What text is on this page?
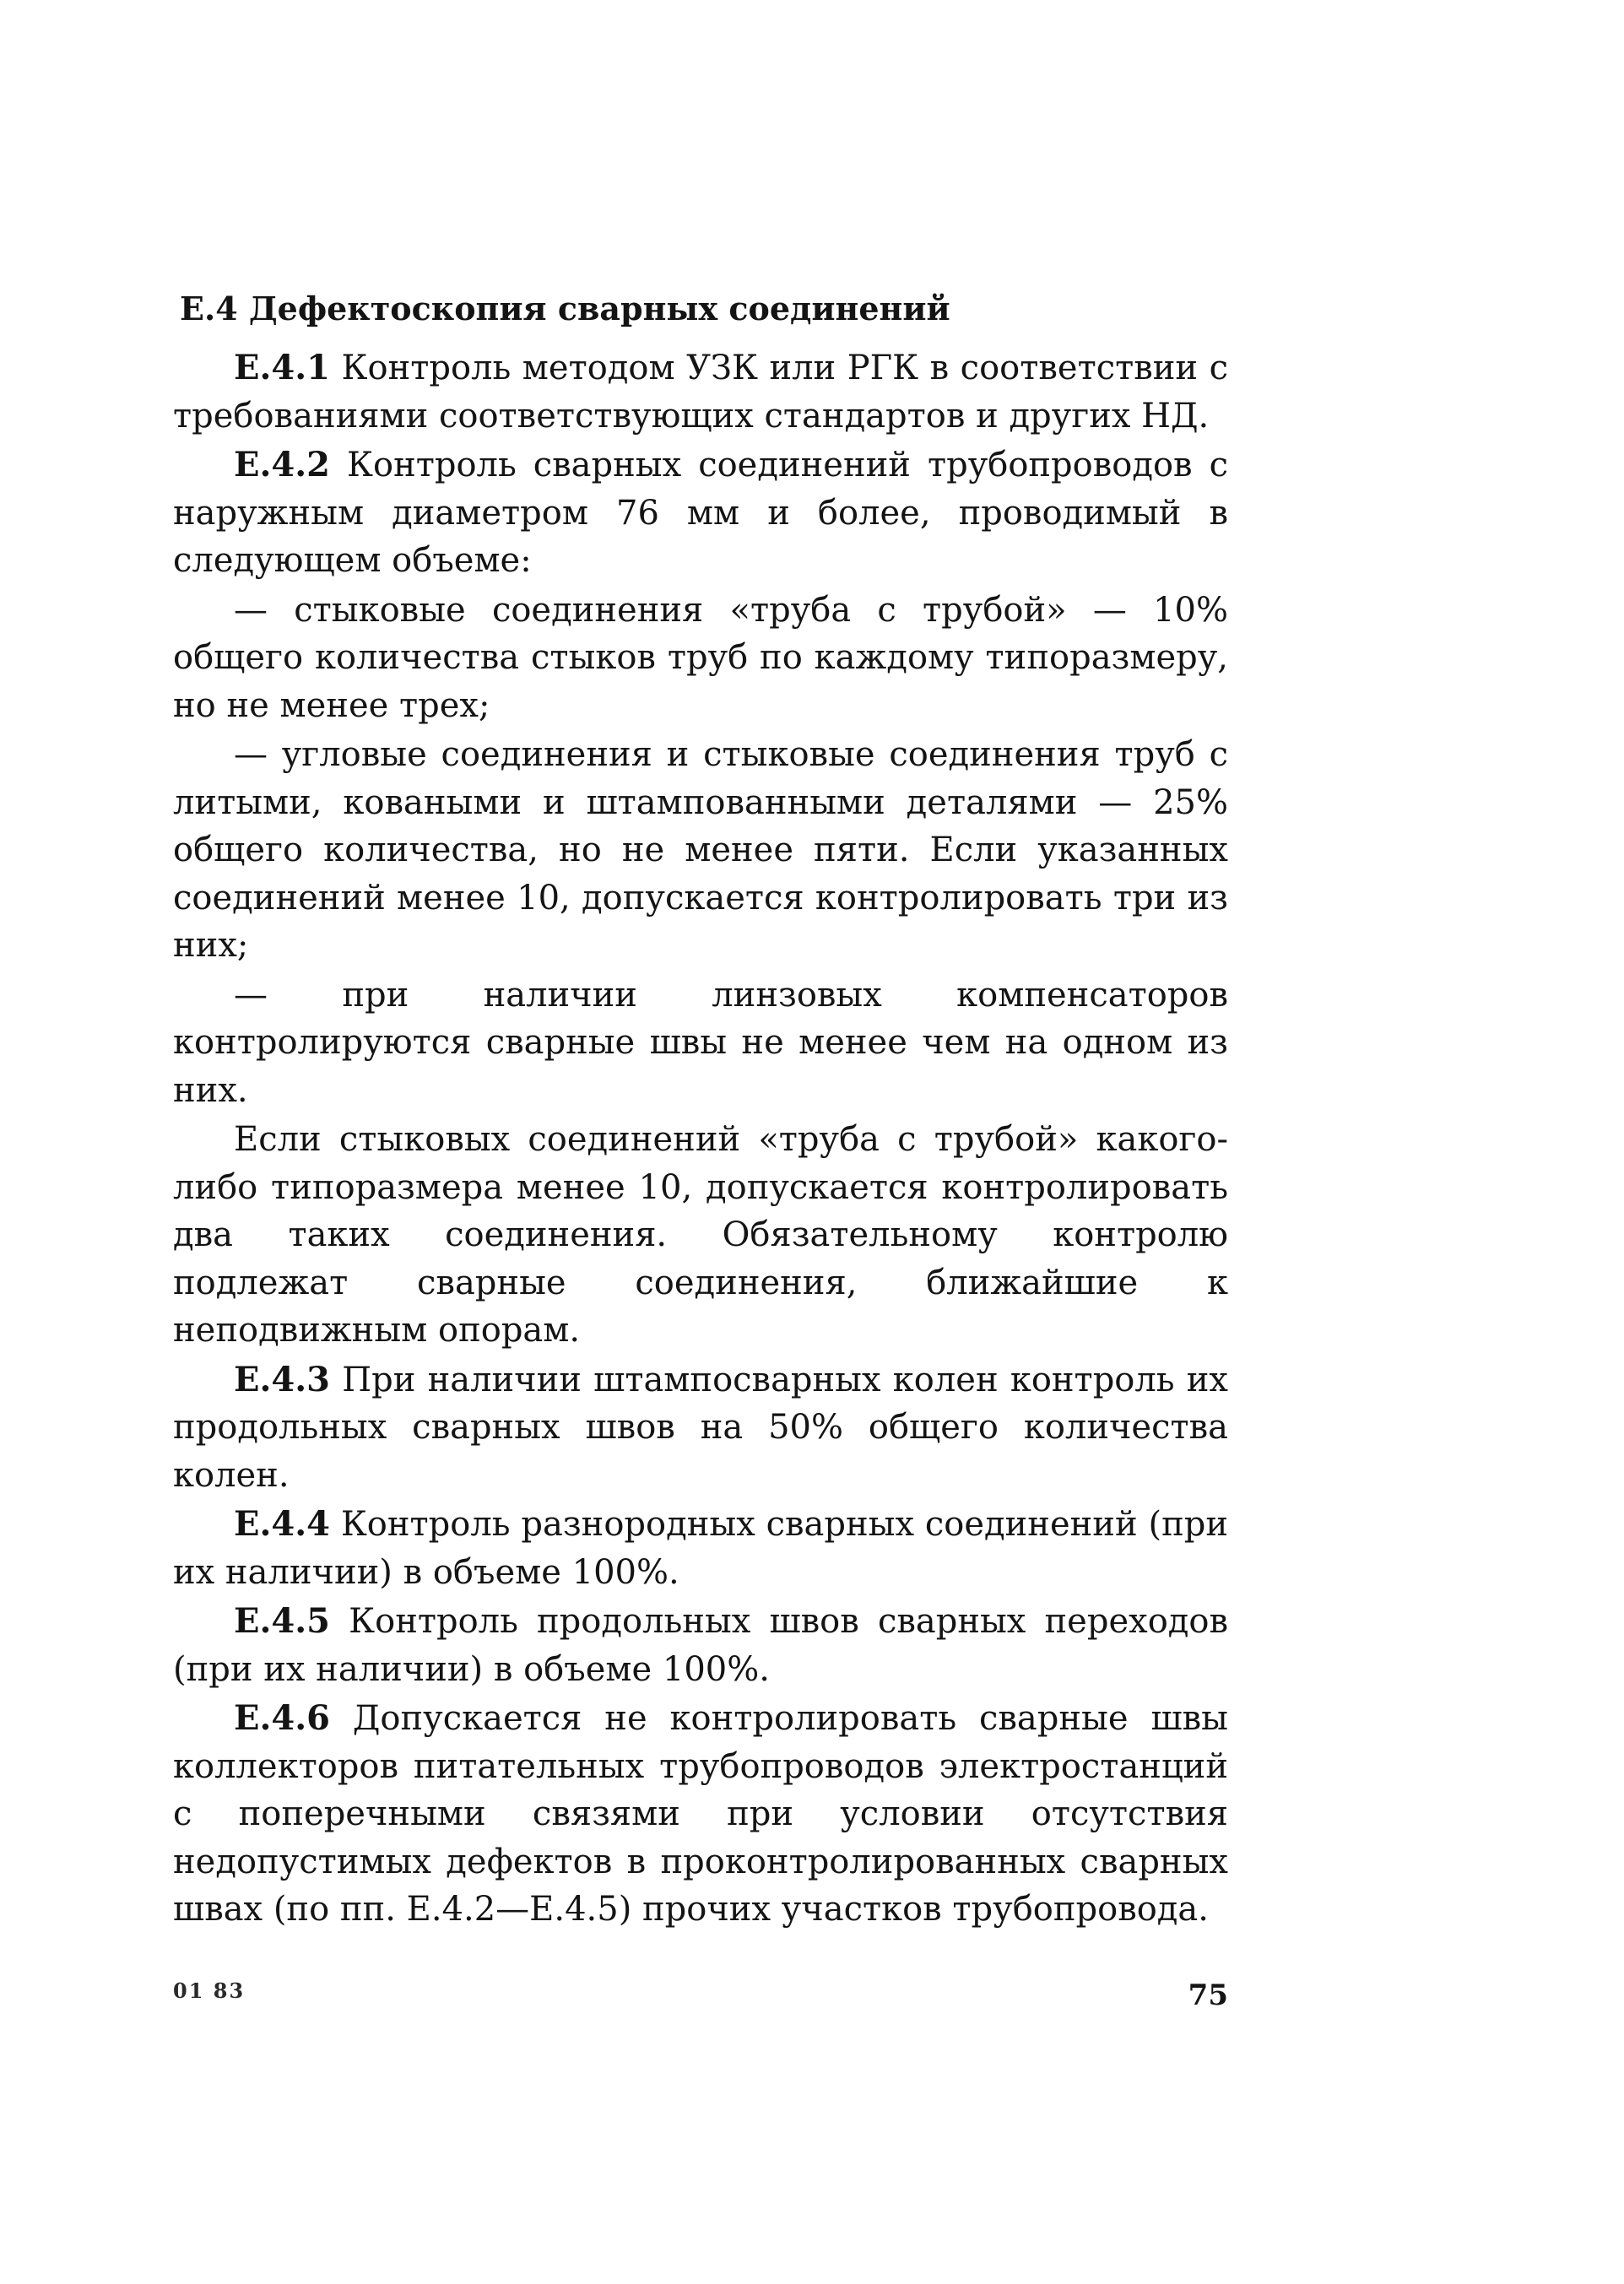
Е.4 Дефектоскопия сварных соединений

Е.4.1 Контроль методом УЗК или РГК в соответствии с требованиями соответствующих стандартов и других НД.

Е.4.2 Контроль сварных соединений трубопроводов с наружным диаметром 76 мм и более, проводимый в следующем объеме:

— стыковые соединения «труба с трубой» — 10% общего количества стыков труб по каждому типоразмеру, но не менее трех;

— угловые соединения и стыковые соединения труб с литыми, коваными и штампованными деталями — 25% общего количества, но не менее пяти. Если указанных соединений менее 10, допускается контролировать три из них;

— при наличии линзовых компенсаторов контролируются сварные швы не менее чем на одном из них.

Если стыковых соединений «труба с трубой» какого-либо типоразмера менее 10, допускается контролировать два таких соединения. Обязательному контролю подлежат сварные соединения, ближайшие к неподвижным опорам.

Е.4.3 При наличии штампосварных колен контроль их продольных сварных швов на 50% общего количества колен.

Е.4.4 Контроль разнородных сварных соединений (при их наличии) в объеме 100%.

Е.4.5 Контроль продольных швов сварных переходов (при их наличии) в объеме 100%.

Е.4.6 Допускается не контролировать сварные швы коллекторов питательных трубопроводов электростанций с поперечными связями при условии отсутствия недопустимых дефектов в проконтролированных сварных швах (по пп. Е.4.2—Е.4.5) прочих участков трубопровода.

01 83	75
